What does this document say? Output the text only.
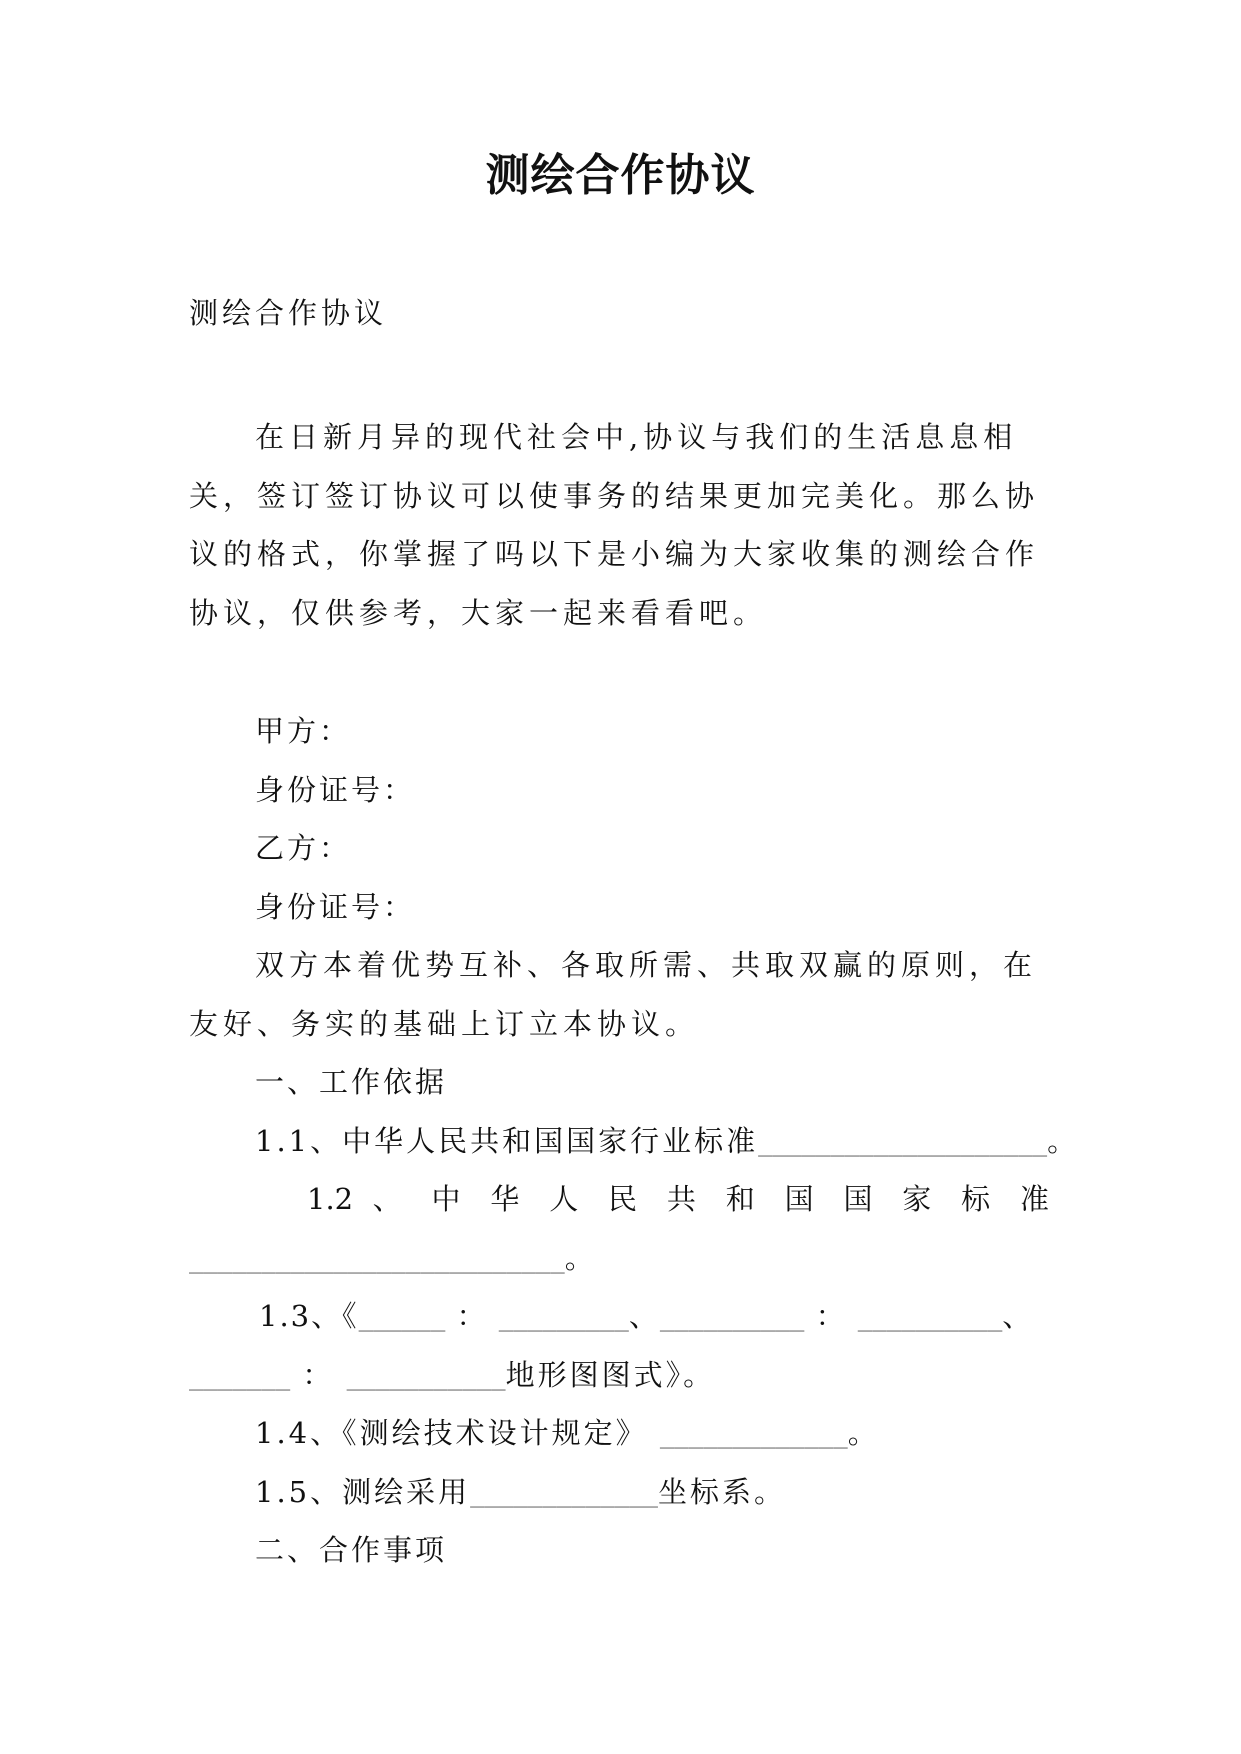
测绘合作协议
测绘合作协议
在日新月异的现代社会中,协议与我们的生活息息相关，签订签订协议可以使事务的结果更加完美化。那么协议的格式，你掌握了吗以下是小编为大家收集的测绘合作协议，仅供参考，大家一起来看看吧。
甲方：
身份证号：
乙方：
身份证号：
双方本着优势互补、各取所需、共取双赢的原则，在友好、务实的基础上订立本协议。
一、工作依据
1.1、中华人民共和国国家行业标准____________________。
1.2 、 中 华 人 民 共 和 国 国 家 标 准
__________________________。
1.3、《______ ： _________、__________ ： __________、
_______ ： ___________地形图图式》。
1.4、《测绘技术设计规定》 _____________。
1.5、测绘采用_____________坐标系。
二、合作事项
